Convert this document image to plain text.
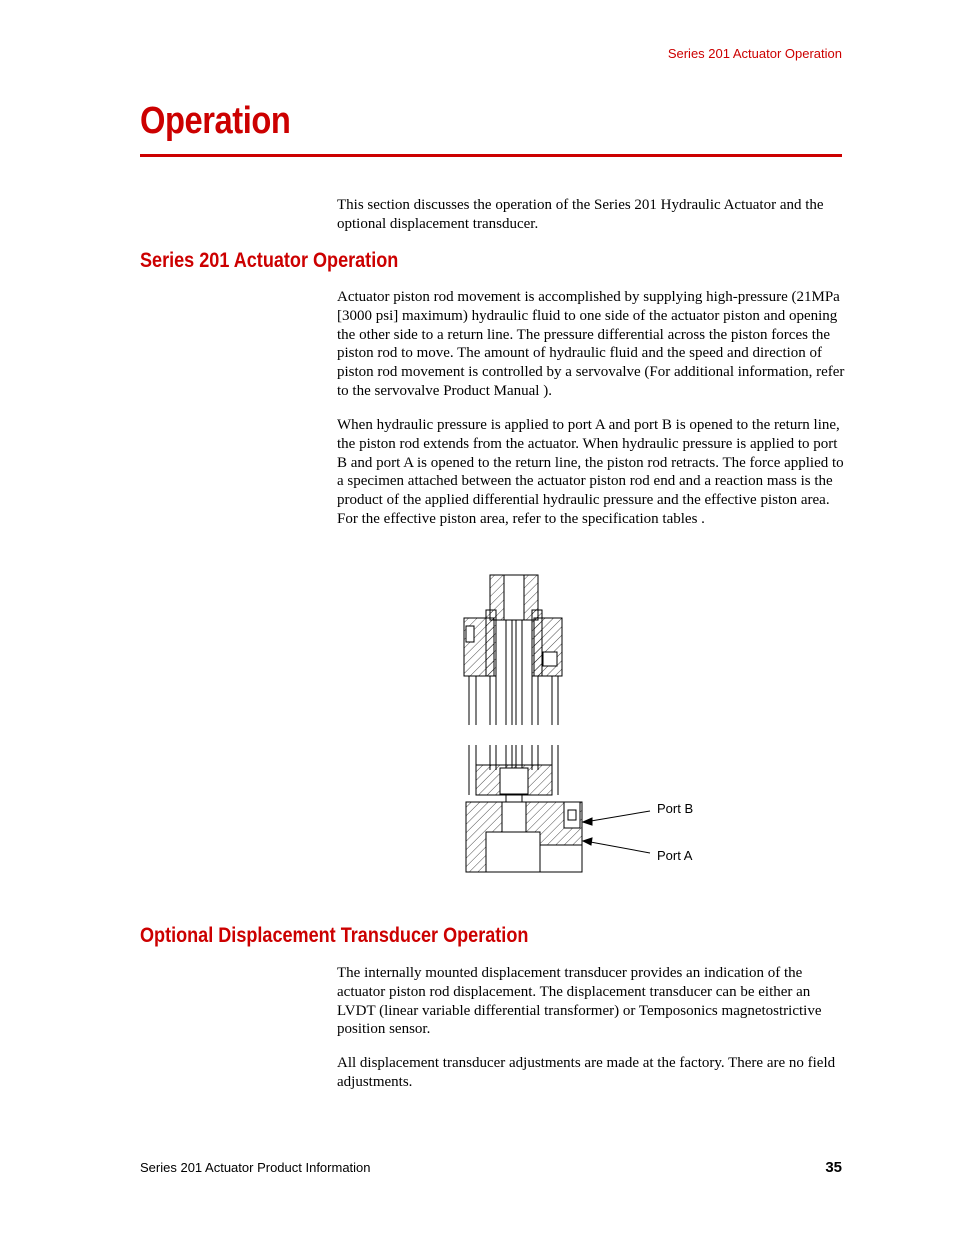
Series 201 Actuator Operation
Operation

This section discusses the operation of the Series 201 Hydraulic Actuator and the optional displacement transducer.

Series 201 Actuator Operation

Actuator piston rod movement is accomplished by supplying high-pressure (21MPa [3000 psi] maximum) hydraulic fluid to one side of the actuator piston and opening the other side to a return line. The pressure differential across the piston forces the piston rod to move. The amount of hydraulic fluid and the speed and direction of piston rod movement is controlled by a servovalve (For additional information, refer to the servovalve Product Manual ).

When hydraulic pressure is applied to port A and port B is opened to the return line, the piston rod extends from the actuator. When hydraulic pressure is applied to port B and port A is opened to the return line, the piston rod retracts. The force applied to a specimen attached between the actuator piston rod end and a reaction mass is the product of the applied differential hydraulic pressure and the effective piston area. For the effective piston area, refer to the specification tables .

Port B
Port A
Optional Displacement Transducer Operation

The internally mounted displacement transducer provides an indication of the actuator piston rod displacement. The displacement transducer can be either an LVDT (linear variable differential transformer) or Temposonics magnetostrictive position sensor.

All displacement transducer adjustments are made at the factory. There are no field adjustments.

Series 201 Actuator Product Information	35
